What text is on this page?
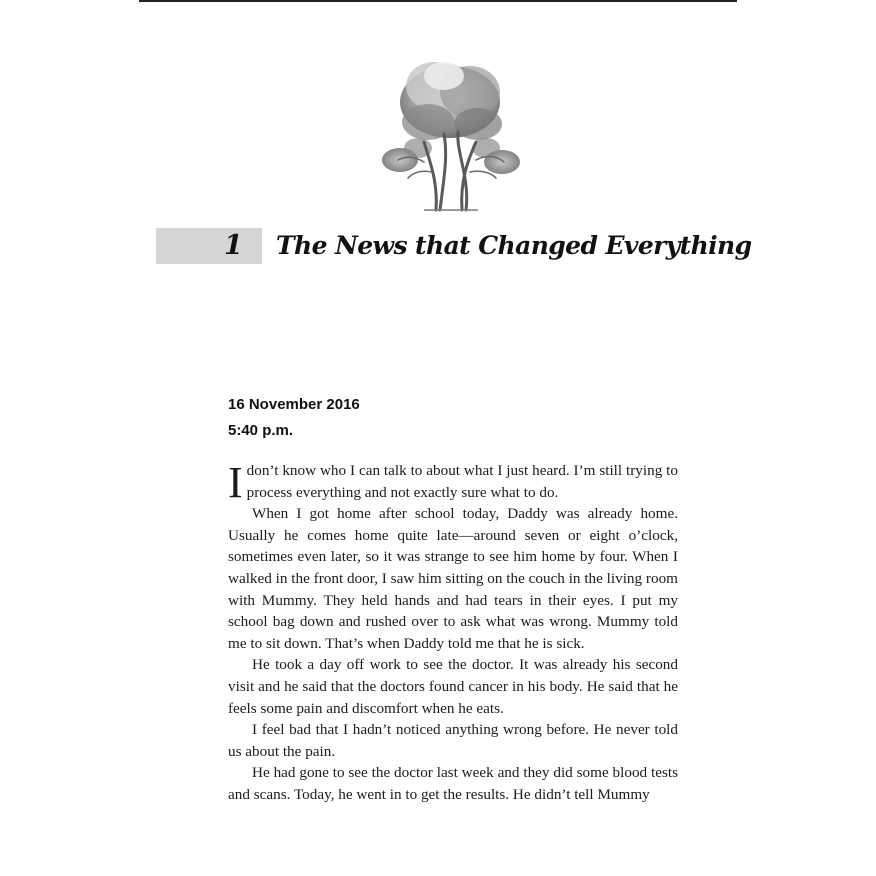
1 The News that Changed Everything
16 November 2016
5:40 p.m.

Idon’t know who I can talk to about what I just heard. I’m still trying to process everything and not exactly sure what to do.

When I got home after school today, Daddy was already home. Usually he comes home quite late—around seven or eight o’clock, sometimes even later, so it was strange to see him home by four. When I walked in the front door, I saw him sitting on the couch in the living room with Mummy. They held hands and had tears in their eyes. I put my school bag down and rushed over to ask what was wrong. Mummy told me to sit down. That’s when Daddy told me that he is sick.

He took a day off work to see the doctor. It was already his second visit and he said that the doctors found cancer in his body. He said that he feels some pain and discomfort when he eats.

I feel bad that I hadn’t noticed anything wrong before. He never told us about the pain.

He had gone to see the doctor last week and they did some blood tests and scans. Today, he went in to get the results. He didn’t tell Mummy
